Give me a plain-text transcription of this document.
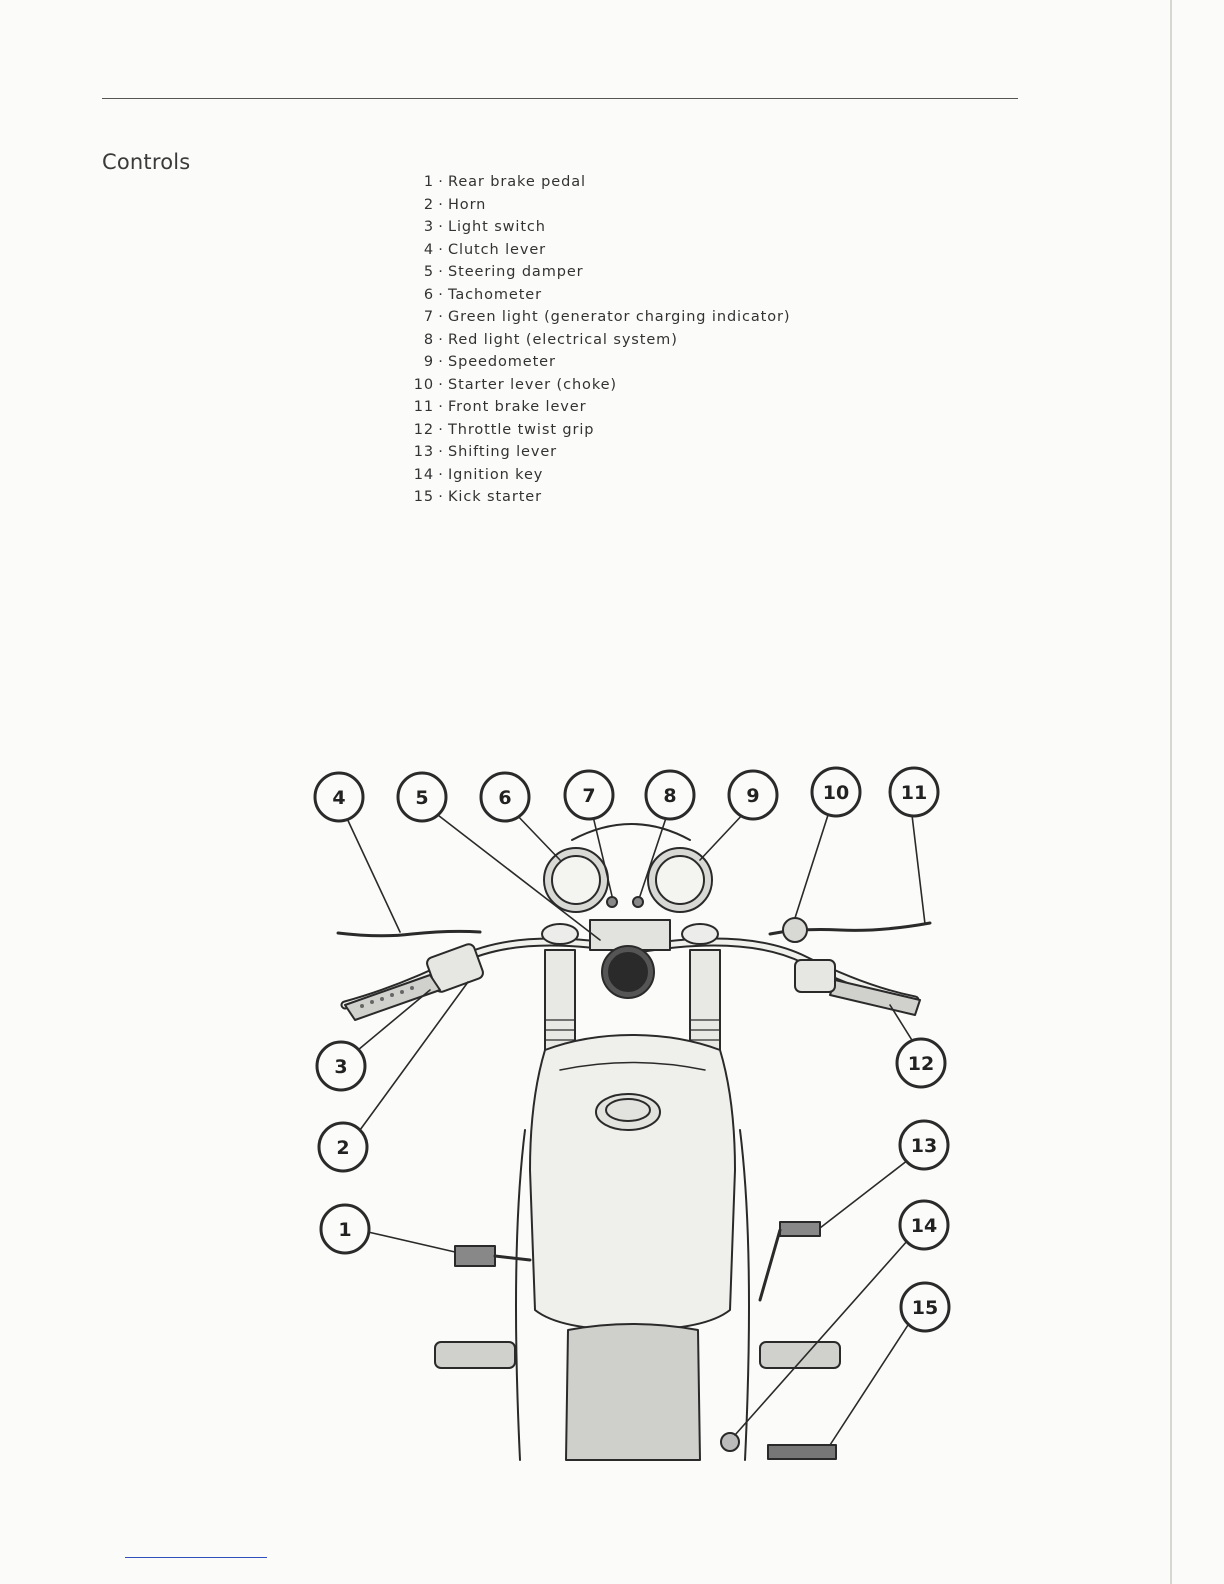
Controls
1 · Rear brake pedal
2 · Horn
3 · Light switch
4 · Clutch lever
5 · Steering damper
6 · Tachometer
7 · Green light (generator charging indicator)
8 · Red light (electrical system)
9 · Speedometer
10 · Starter lever (choke)
11 · Front brake lever
12 · Throttle twist grip
13 · Shifting lever
14 · Ignition key
15 · Kick starter
4	5	6	7	8	9	10	11
3	12
2	13
1	14
15
